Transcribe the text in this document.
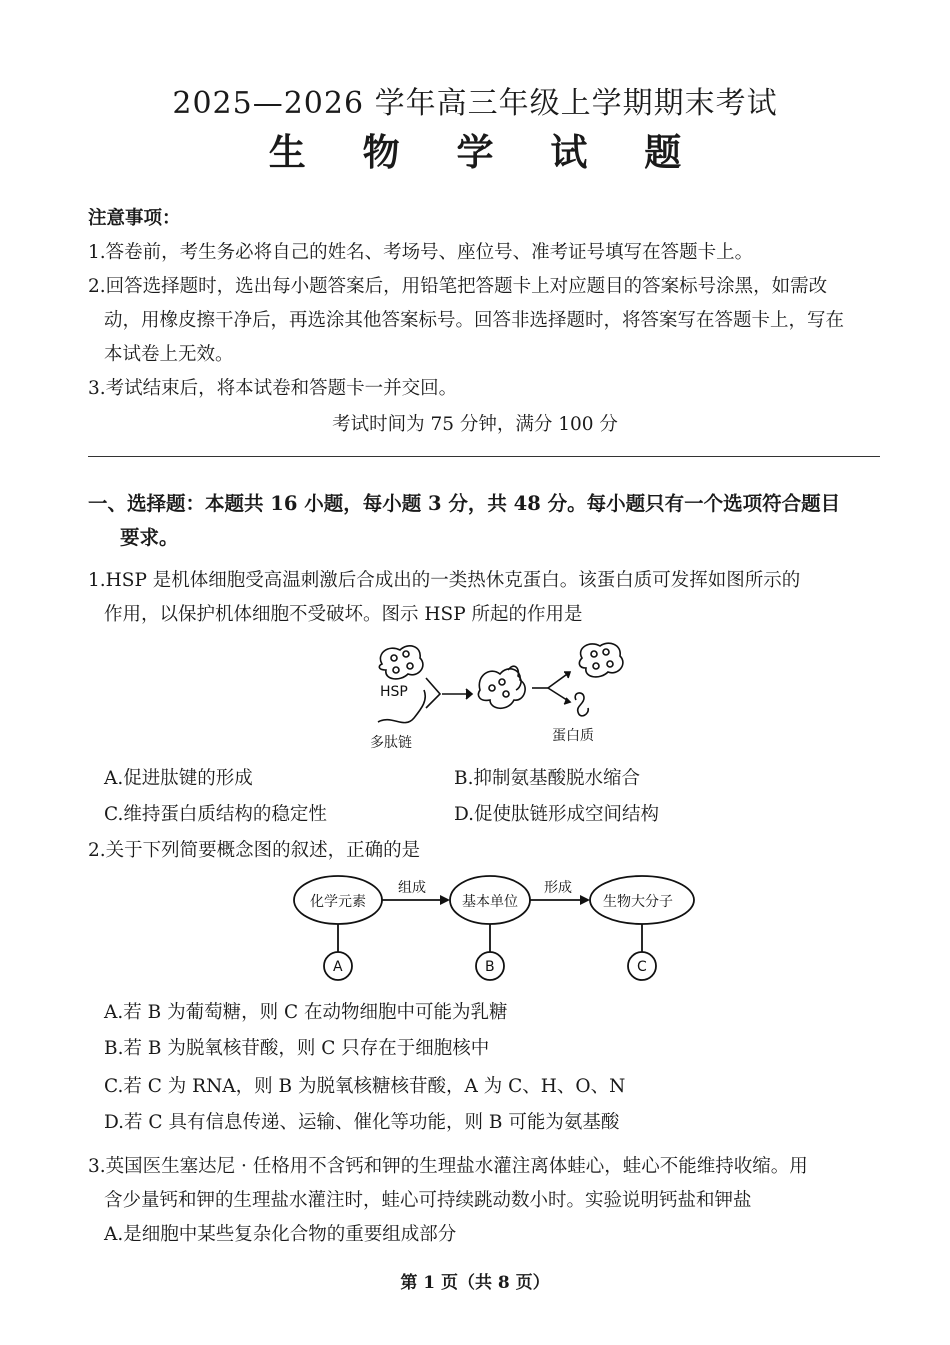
2025—2026 学年高三年级上学期期末考试
生 物 学 试 题
注意事项：
1.答卷前，考生务必将自己的姓名、考场号、座位号、准考证号填写在答题卡上。
2.回答选择题时，选出每小题答案后，用铅笔把答题卡上对应题目的答案标号涂黑，如需改
动，用橡皮擦干净后，再选涂其他答案标号。回答非选择题时，将答案写在答题卡上，写在
本试卷上无效。
3.考试结束后，将本试卷和答题卡一并交回。
考试时间为 75 分钟，满分 100 分
一、选择题：本题共 16 小题，每小题 3 分，共 48 分。每小题只有一个选项符合题目
要求。
1.HSP 是机体细胞受高温刺激后合成出的一类热休克蛋白。该蛋白质可发挥如图所示的
作用，以保护机体细胞不受破坏。图示 HSP 所起的作用是
HSP
多肽链	蛋白质
A.促进肽键的形成	B.抑制氨基酸脱水缩合
C.维持蛋白质结构的稳定性	D.促使肽链形成空间结构
2.关于下列简要概念图的叙述，正确的是
化学元素	基本单位	生物大分子
组成	形成
A	B	C
A.若 B 为葡萄糖，则 C 在动物细胞中可能为乳糖
B.若 B 为脱氧核苷酸，则 C 只存在于细胞核中
C.若 C 为 RNA，则 B 为脱氧核糖核苷酸，A 为 C、H、O、N
D.若 C 具有信息传递、运输、催化等功能，则 B 可能为氨基酸
3.英国医生塞达尼 · 任格用不含钙和钾的生理盐水灌注离体蛙心，蛙心不能维持收缩。用
含少量钙和钾的生理盐水灌注时，蛙心可持续跳动数小时。实验说明钙盐和钾盐
A.是细胞中某些复杂化合物的重要组成部分
第 1 页（共 8 页）
